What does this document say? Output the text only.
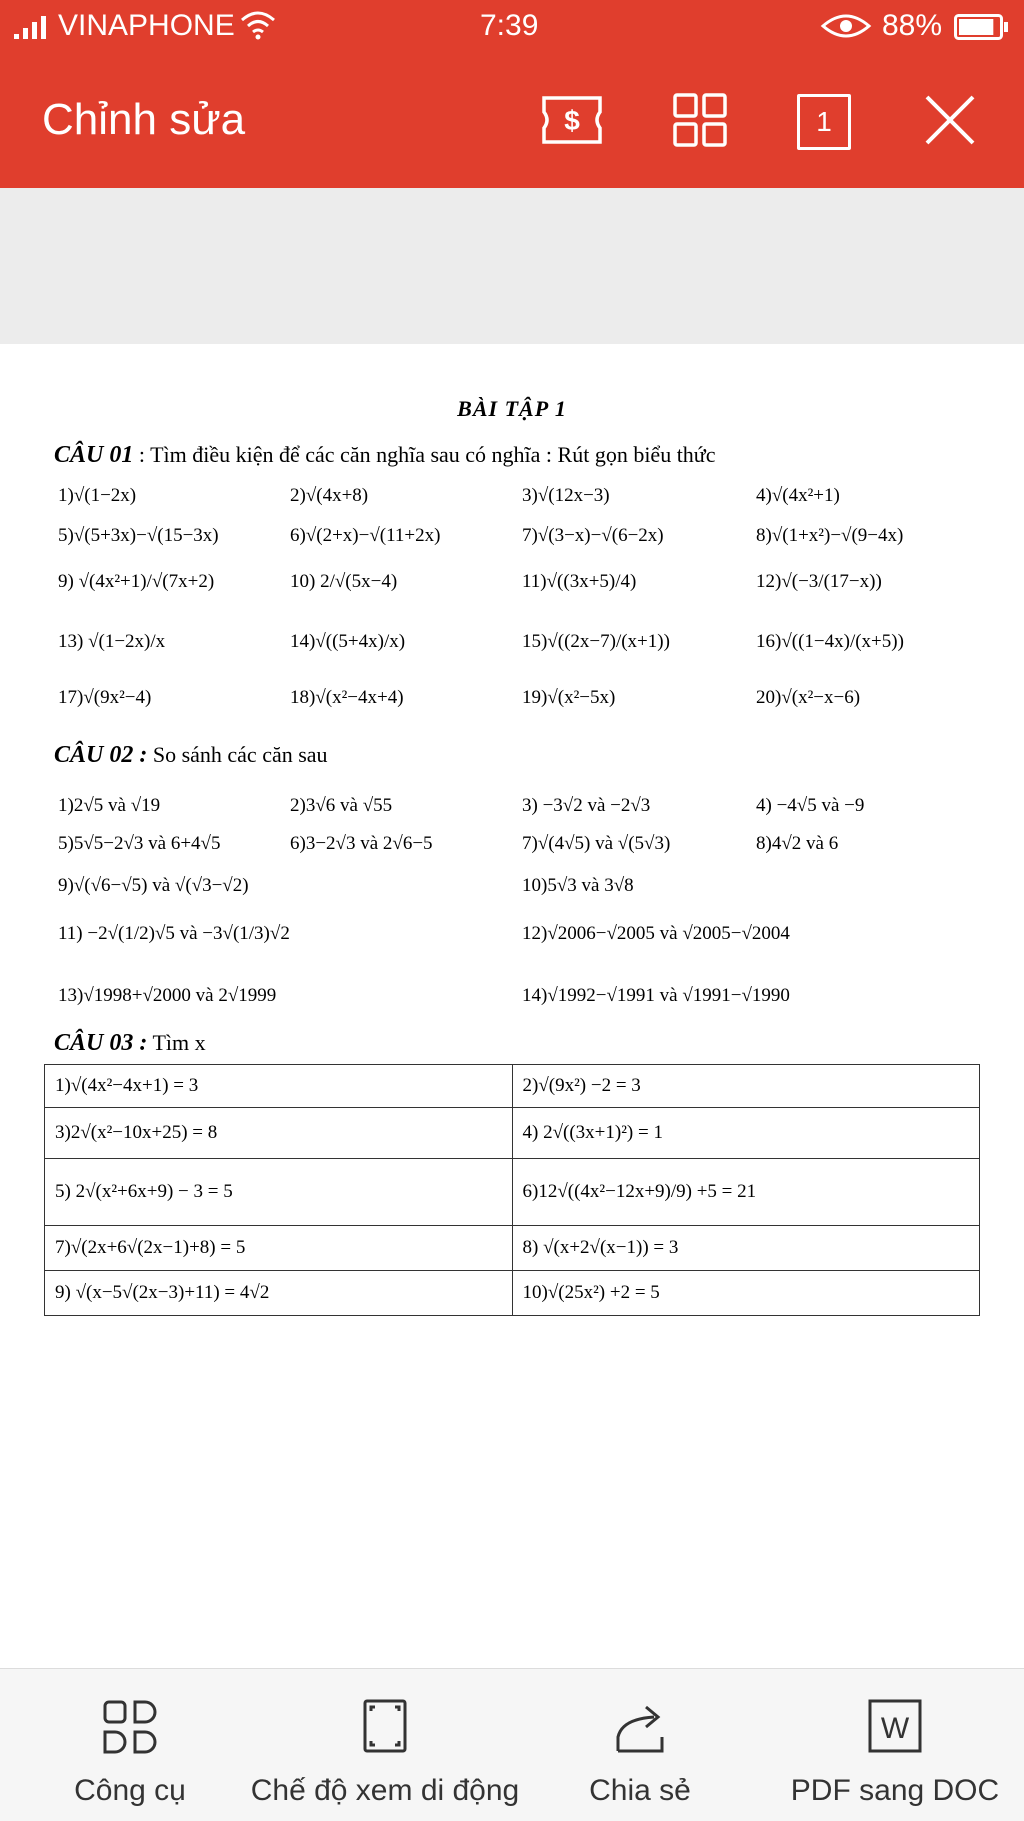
VINAPHONE	7:39	88%
Chỉnh sửa	$	1
BÀI TẬP 1
CÂU 01 : Tìm điều kiện để các căn nghĩa sau có nghĩa : Rút gọn biểu thức
1)√(1−2x)	2)√(4x+8)	3)√(12x−3)	4)√(4x²+1)
5)√(5+3x)−√(15−3x)	6)√(2+x)−√(11+2x)	7)√(3−x)−√(6−2x)	8)√(1+x²)−√(9−4x)
9) √(4x²+1)/√(7x+2)	10) 2/√(5x−4)	11)√((3x+5)/4)	12)√(−3/(17−x))
13) √(1−2x)/x	14)√((5+4x)/x)	15)√((2x−7)/(x+1))	16)√((1−4x)/(x+5))
17)√(9x²−4)	18)√(x²−4x+4)	19)√(x²−5x)	20)√(x²−x−6)
CÂU 02 : So sánh các căn sau
1)2√5 và √19	2)3√6 và √55	3) −3√2 và −2√3	4) −4√5 và −9
5)5√5−2√3 và 6+4√5	6)3−2√3 và 2√6−5	7)√(4√5) và √(5√3)	8)4√2 và 6
9)√(√6−√5) và √(√3−√2)	10)5√3 và 3√8
11) −2√(1/2)√5 và −3√(1/3)√2	12)√2006−√2005 và √2005−√2004
13)√1998+√2000 và 2√1999	14)√1992−√1991 và √1991−√1990
CÂU 03 : Tìm x
1)√(4x²−4x+1) = 3	2)√(9x²) −2 = 3
3)2√(x²−10x+25) = 8	4) 2√((3x+1)²) = 1
5) 2√(x²+6x+9) − 3 = 5	6)12√((4x²−12x+9)/9) +5 = 21
7)√(2x+6√(2x−1)+8) = 5	8) √(x+2√(x−1)) = 3
9) √(x−5√(2x−3)+11) = 4√2	10)√(25x²) +2 = 5
Công cụ	Chế độ xem di động	Chia sẻ
W
PDF sang DOC
